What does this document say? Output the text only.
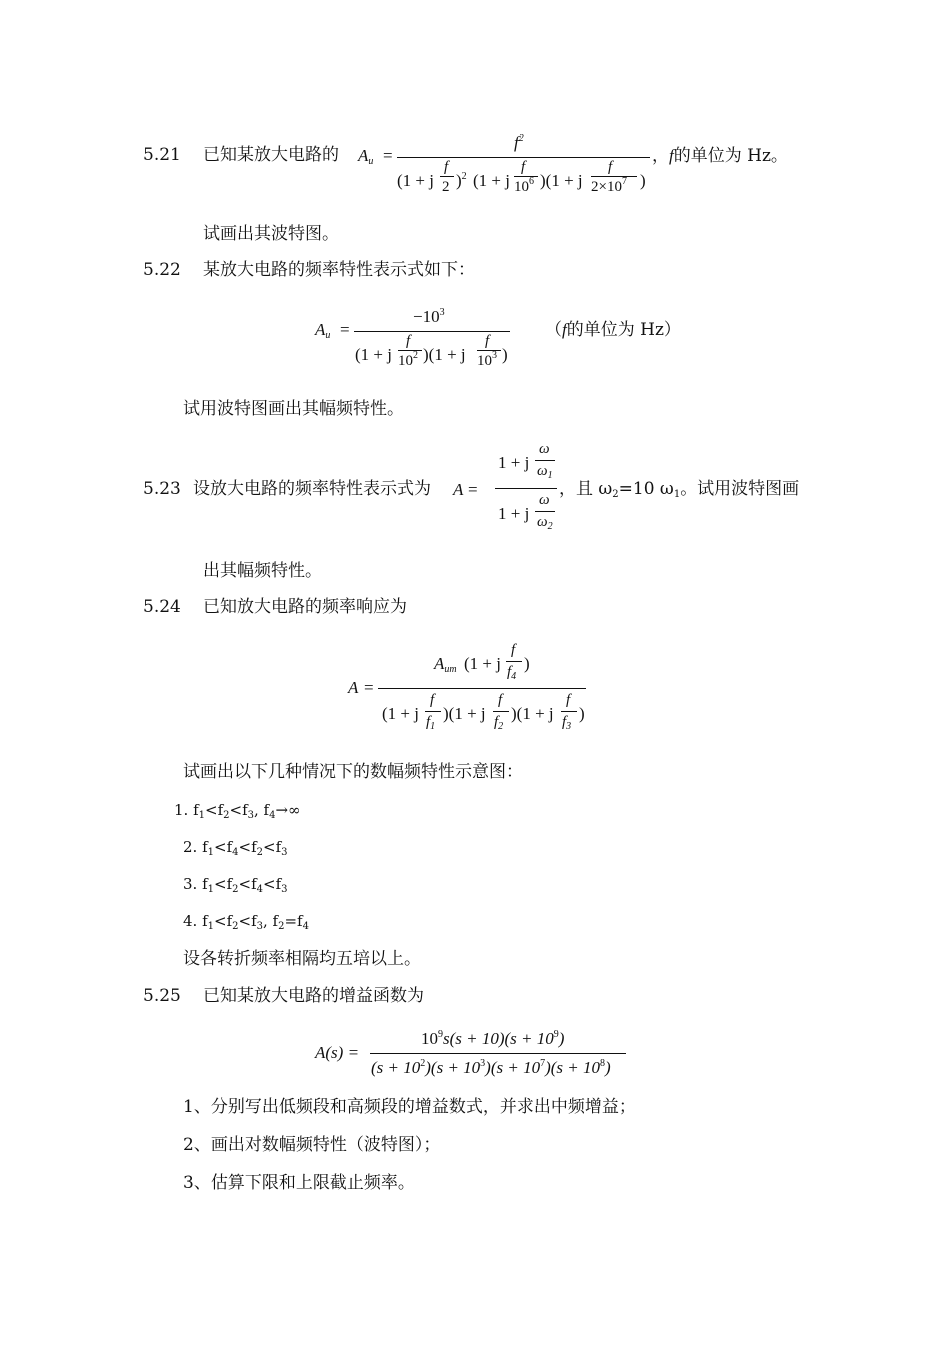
5.21 已知某放大电路的 $A_u$ =
$f^2$
(1 + j
f
2 )$^2$ (1 + j
f
$10^6$ )(1 + j
f
$2\times 10^7$ )
，f的单位为 Hz。
试画出其波特图。
5.22 某放大电路的频率特性表示式如下：
$A_u$ =
$-10^3$
(1 + j
f
$10^2$ )(1 + j
f
$10^3$ )
（f的单位为 Hz）
试用波特图画出其幅频特性。
5.23 设放大电路的频率特性表示式为 A =
1 + j
ω
$\omega_1$
1 + j
ω
$\omega_2$
，且 $\omega_2=10$ $\omega_1$。试用波特图画
出其幅频特性。
5.24 已知放大电路的频率响应为
A =
$A_{um}$ (1 + j
f
$f_4$
)
(1 + j
f
$f_1$
)(1 + j
f
$f_2$
)(1 + j
f
$f_3$
)
试画出以下几种情况下的数幅频特性示意图：
1. $f_1<f_2<f_3$, $f_4\to\infty$
2. $f_1<f_4<f_2<f_3$
3. $f_1<f_2<f_4<f_3$
4. $f_1<f_2<f_3$, $f_2=f_4$
设各转折频率相隔均五培以上。
5.25 已知某放大电路的增益函数为
A(s) =
$10^9s(s + 10)(s + 10^9)$
$(s + 10^2)(s + 10^3)(s + 10^7)(s + 10^8)$
1、分别写出低频段和高频段的增益数式，并求出中频增益；
2、画出对数幅频特性（波特图）；
3、估算下限和上限截止频率。
